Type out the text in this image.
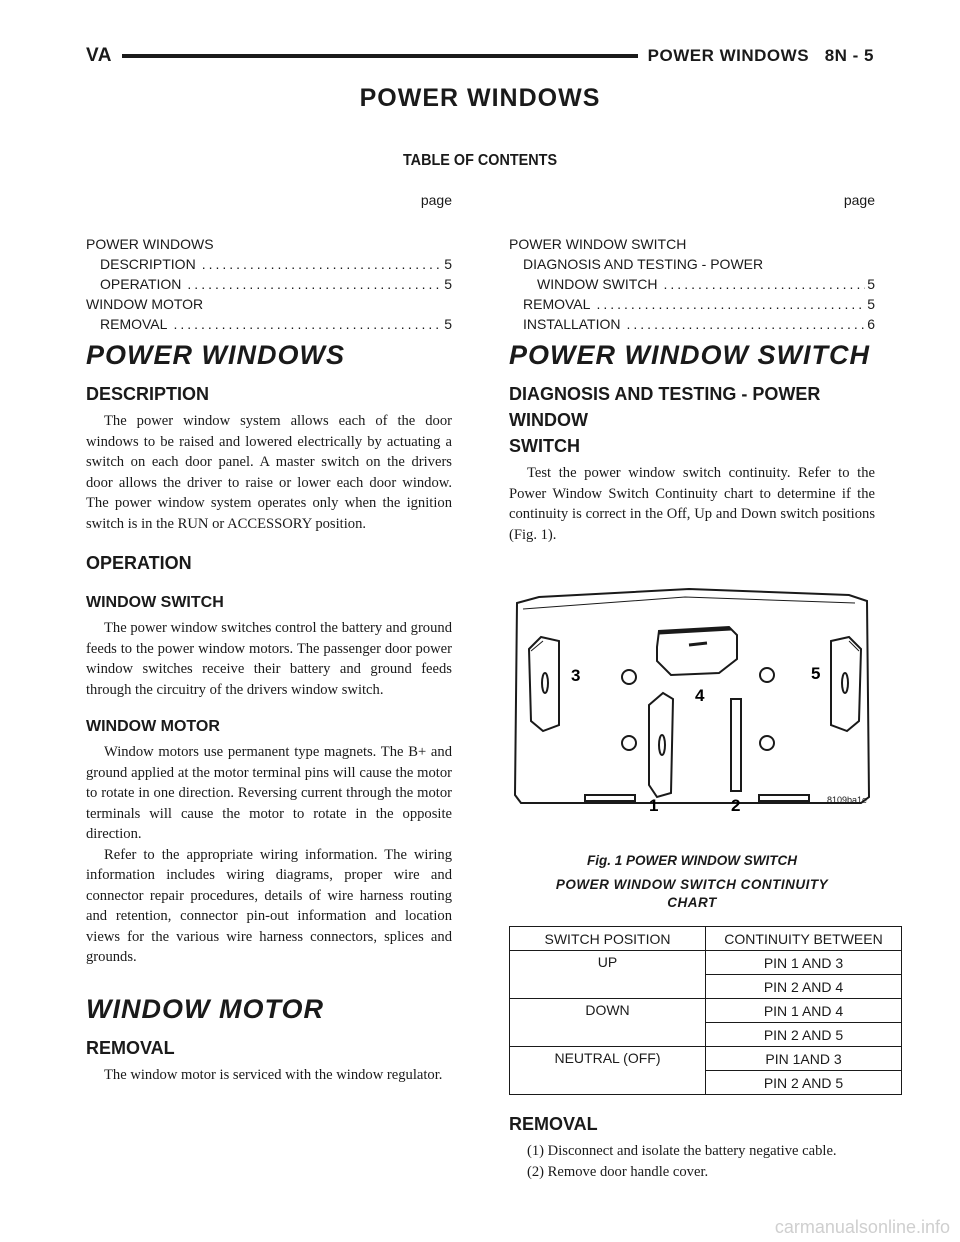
VA	POWER WINDOWS   8N - 5
POWER WINDOWS
TABLE OF CONTENTS
page
POWER WINDOWS
DESCRIPTION .....	5
OPERATION .....	5
WINDOW MOTOR
REMOVAL .....	5
page
POWER WINDOW SWITCH
DIAGNOSIS AND TESTING - POWER
WINDOW SWITCH .....	5
REMOVAL .....	5
INSTALLATION .....	6
POWER WINDOWS
DESCRIPTION

The power window system allows each of the door windows to be raised and lowered electrically by actuating a switch on each door panel. A master switch on the drivers door allows the driver to raise or lower each door window. The power window system operates only when the ignition switch is in the RUN or ACCESSORY position.

OPERATION
WINDOW SWITCH

The power window switches control the battery and ground feeds to the power window motors. The passenger door power window switches receive their battery and ground feeds through the circuitry of the drivers window switch.

WINDOW MOTOR

Window motors use permanent type magnets. The B+ and ground applied at the motor terminal pins will cause the motor to rotate in one direction. Reversing current through the motor terminals will cause the motor to rotate in the opposite direction.

Refer to the appropriate wiring information. The wiring information includes wiring diagrams, proper wire and connector repair procedures, details of wire harness routing and retention, connector pin-out information and location views for the various wire harness connectors, splices and grounds.

WINDOW MOTOR
REMOVAL

The window motor is serviced with the window regulator.

POWER WINDOW SWITCH
DIAGNOSIS AND TESTING - POWER WINDOW
SWITCH

Test the power window switch continuity. Refer to the Power Window Switch Continuity chart to determine if the continuity is correct in the Off, Up and Down switch positions (Fig. 1).

3
4
5
1	2	8109ba1e
Fig. 1 POWER WINDOW SWITCH
POWER WINDOW SWITCH CONTINUITY
CHART
SWITCH POSITION	CONTINUITY BETWEEN
UP	PIN 1 AND 3
	PIN 2 AND 4
DOWN	PIN 1 AND 4
	PIN 2 AND 5
NEUTRAL (OFF)	PIN 1AND 3
	PIN 2 AND 5
REMOVAL

(1) Disconnect and isolate the battery negative cable.

(2) Remove door handle cover.

carmanualsonline.info
